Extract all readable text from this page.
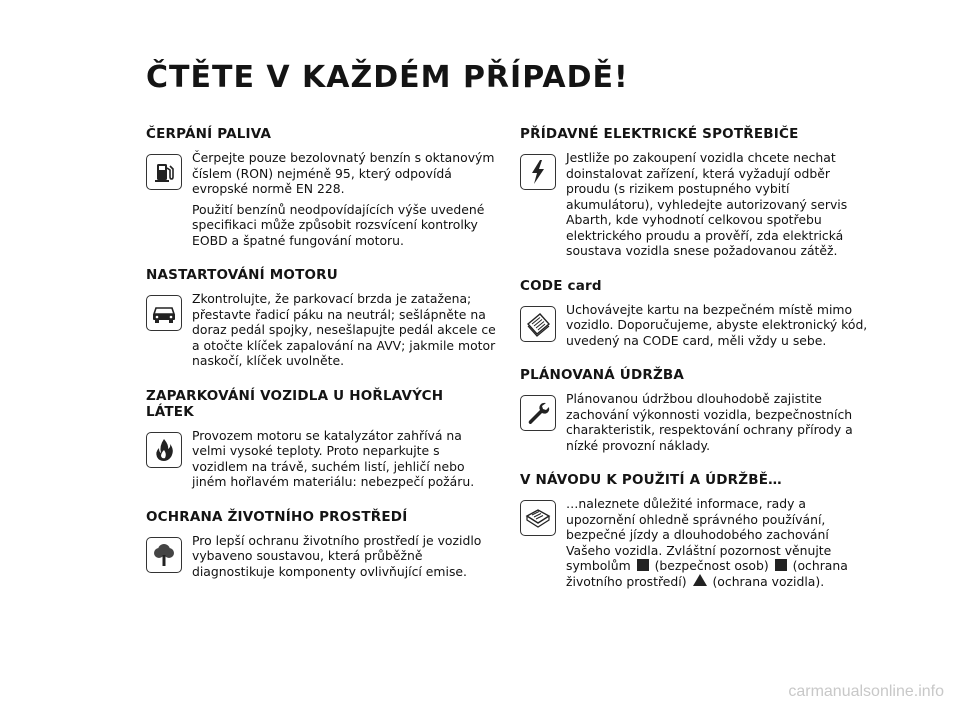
ČTĚTE V KAŽDÉM PŘÍPADĚ!
ČERPÁNÍ PALIVA

Čerpejte pouze bezolovnatý benzín s oktanovým číslem (RON) nejméně 95, který odpovídá evropské normě EN 228.

Použití benzínů neodpovídajících výše uvedené specifikaci může způsobit rozsvícení kontrolky EOBD a špatné fungování motoru.

NASTARTOVÁNÍ MOTORU

Zkontrolujte, že parkovací brzda je zatažena; přestavte řadicí páku na neutrál; sešlápněte na doraz pedál spojky, nesešlapujte pedál akcele ce a otočte klíček zapalování na AVV; jakmile motor naskočí, klíček uvolněte.

ZAPARKOVÁNÍ VOZIDLA U HOŘLAVÝCH LÁTEK

Provozem motoru se katalyzátor zahřívá na velmi vysoké teploty. Proto neparkujte s vozidlem na trávě, suchém listí, jehličí nebo jiném hořlavém materiálu: nebezpečí požáru.

OCHRANA ŽIVOTNÍHO PROSTŘEDÍ

Pro lepší ochranu životního prostředí je vozidlo vybaveno soustavou, která průběžně diagnostikuje komponenty ovlivňující emise.

PŘÍDAVNÉ ELEKTRICKÉ SPOTŘEBIČE

Jestliže po zakoupení vozidla chcete nechat doinstalovat zařízení, která vyžadují odběr proudu (s rizikem postupného vybití akumulátoru), vyhledejte autorizovaný servis Abarth, kde vyhodnotí celkovou spotřebu elektrického proudu a prověří, zda elektrická soustava vozidla snese požadovanou zátěž.

CODE card

Uchovávejte kartu na bezpečném místě mimo vozidlo. Doporučujeme, abyste elektronický kód, uvedený na CODE card, měli vždy u sebe.

PLÁNOVANÁ ÚDRŽBA

Plánovanou údržbou dlouhodobě zajistite zachování výkonnosti vozidla, bezpečnostních charakteristik, respektování ochrany přírody a nízké provozní náklady.

V NÁVODU K POUŽITÍ A ÚDRŽBĚ…

…naleznete důležité informace, rady a upozornění ohledně správného používání, bezpečné jízdy a dlouhodobého zachování Vašeho vozidla. Zvláštní pozornost věnujte symbolům (bezpečnost osob) (ochrana životního prostředí) (ochrana vozidla).

carmanualsonline.info
